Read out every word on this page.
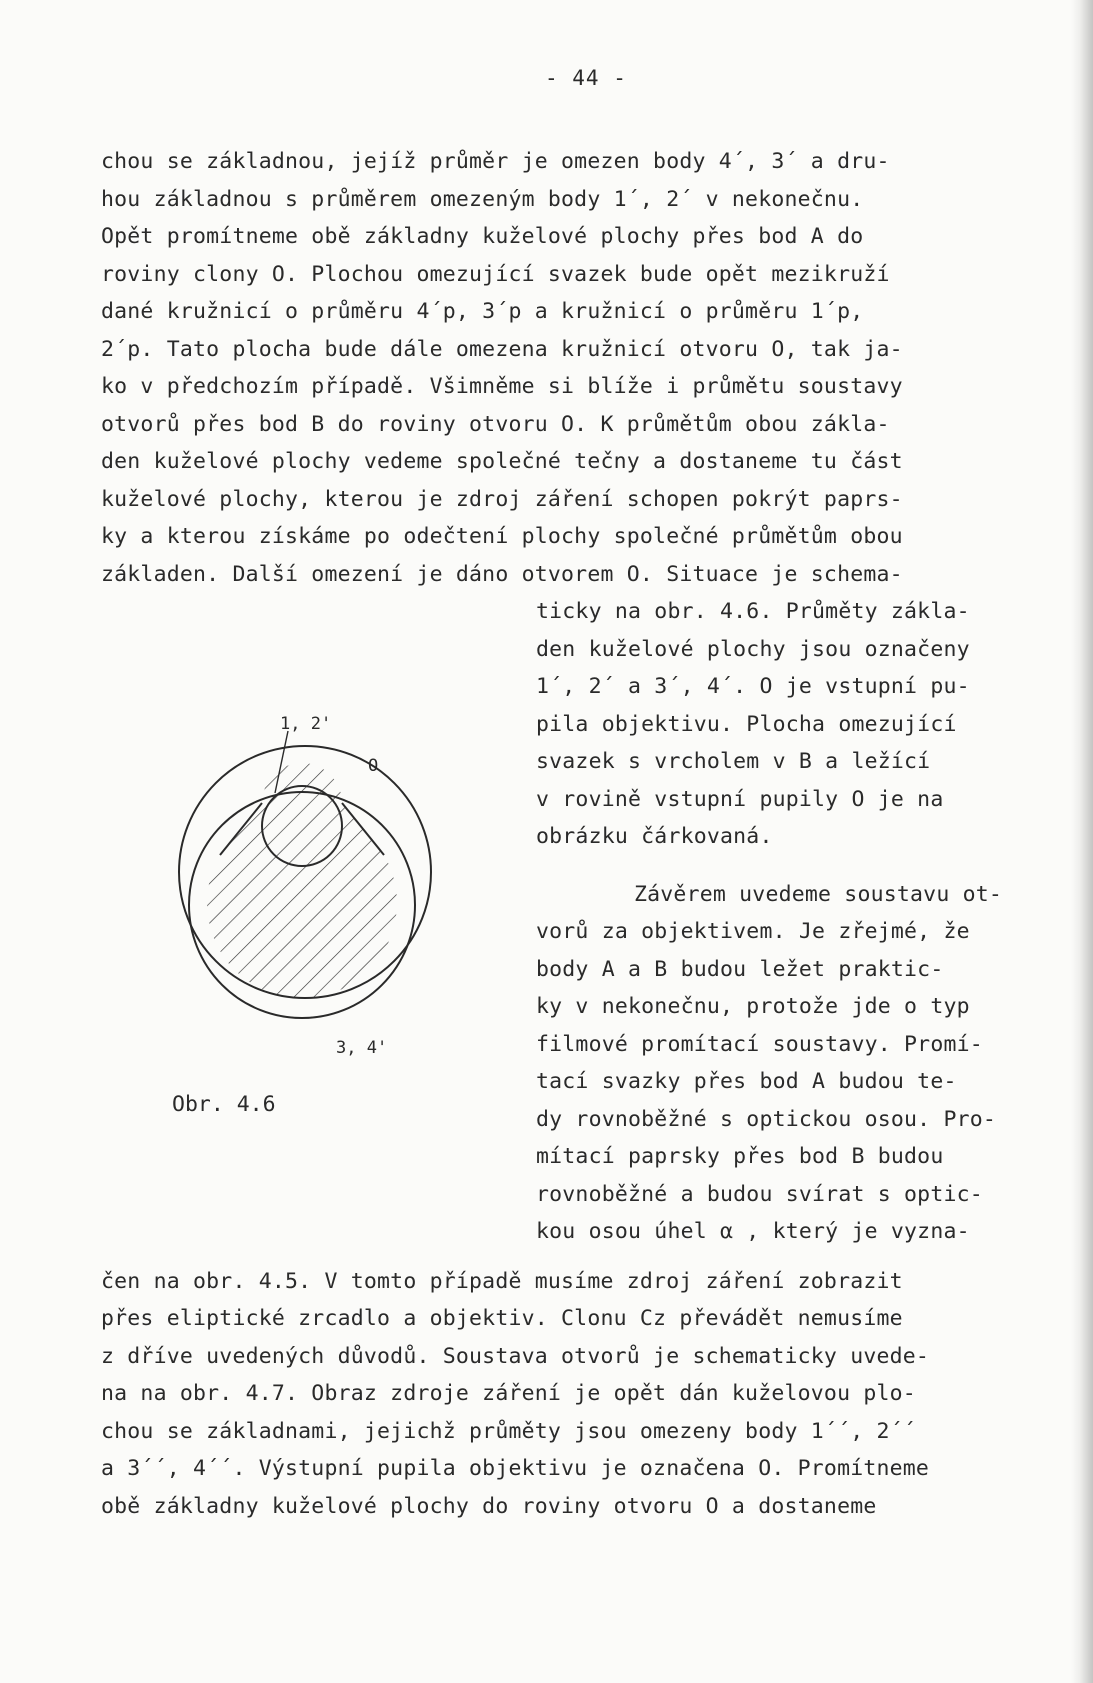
- 44 -
chou se základnou, jejíž průměr je omezen body 4´, 3´ a dru-
hou základnou s průměrem omezeným body 1´, 2´ v nekonečnu.
Opět promítneme obě základny kuželové plochy přes bod A do
roviny clony O. Plochou omezující svazek bude opět mezikruží
dané kružnicí o průměru 4´p, 3´p a kružnicí o průměru 1´p,
2´p. Tato plocha bude dále omezena kružnicí otvoru O, tak ja-
ko v předchozím případě. Všimněme si blíže i průmětu soustavy
otvorů přes bod B do roviny otvoru O. K průmětům obou zákla-
den kuželové plochy vedeme společné tečny a dostaneme tu část
kuželové plochy, kterou je zdroj záření schopen pokrýt paprs-
ky a kterou získáme po odečtení plochy společné průmětům obou
základen. Další omezení je dáno otvorem O. Situace je schema-
ticky na obr. 4.6. Průměty zákla-
den kuželové plochy jsou označeny
1´, 2´ a 3´, 4´. O je vstupní pu-
pila objektivu. Plocha omezující
svazek s vrcholem v B a ležící
v rovině vstupní pupily O je na
obrázku čárkovaná.
Závěrem uvedeme soustavu ot-
vorů za objektivem. Je zřejmé, že
body A a B budou ležet praktic-
ky v nekonečnu, protože jde o typ
filmové promítací soustavy. Promí-
tací svazky přes bod A budou te-
dy rovnoběžné s optickou osou. Pro-
mítací paprsky přes bod B budou
rovnoběžné a budou svírat s optic-
kou osou úhel α , který je vyzna-
čen na obr. 4.5. V tomto případě musíme zdroj záření zobrazit
přes eliptické zrcadlo a objektiv. Clonu Cz převádět nemusíme
z dříve uvedených důvodů. Soustava otvorů je schematicky uvede-
na na obr. 4.7. Obraz zdroje záření je opět dán kuželovou plo-
chou se základnami, jejichž průměty jsou omezeny body 1´´, 2´´
a 3´´, 4´´. Výstupní pupila objektivu je označena O. Promítneme
obě základny kuželové plochy do roviny otvoru O a dostaneme
1, 2'
O
3, 4'
Obr. 4.6
